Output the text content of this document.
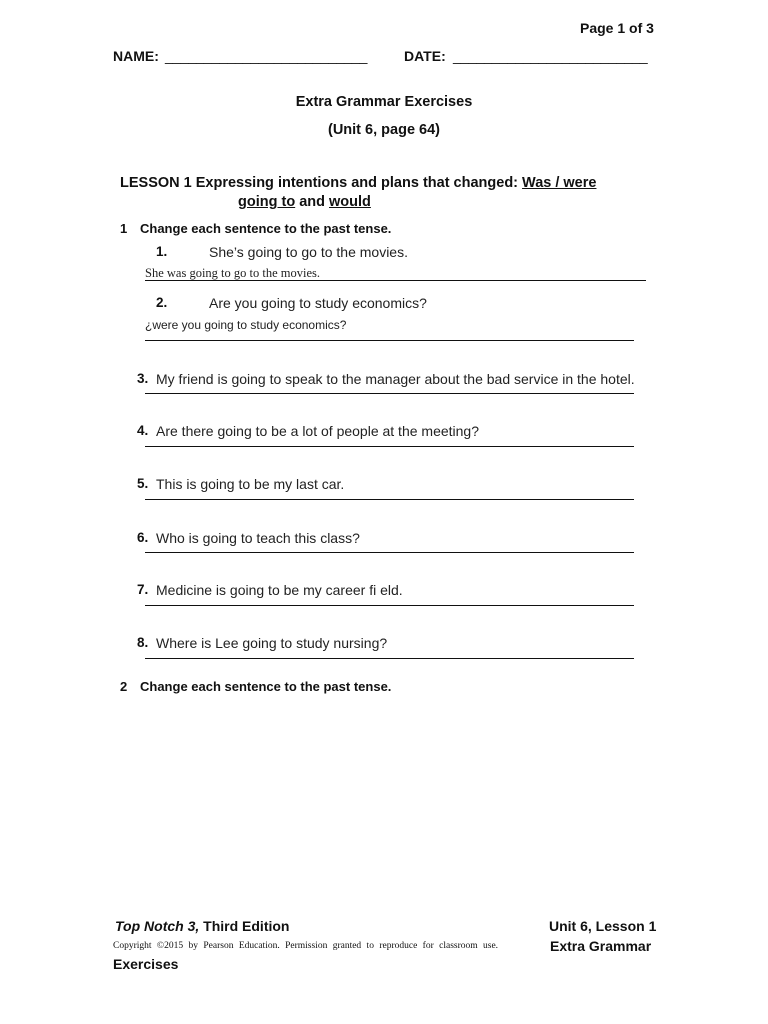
Page 1 of 3
NAME: __________________________	DATE: _________________________
Extra Grammar Exercises
(Unit 6, page 64)
LESSON 1 Expressing intentions and plans that changed: Was / were
going to and would
1 Change each sentence to the past tense.
1.	She’s going to go to the movies.
She was going to go to the movies.
2.	Are you going to study economics?
¿were you going to study economics?
3. My friend is going to speak to the manager about the bad service in the hotel.
4. Are there going to be a lot of people at the meeting?
5. This is going to be my last car.
6. Who is going to teach this class?
7. Medicine is going to be my career fi eld.
8. Where is Lee going to study nursing?
2 Change each sentence to the past tense.
Top Notch 3, Third Edition	Unit 6, Lesson 1
Copyright ©2015 by Pearson Education. Permission granted to reproduce for classroom use.	Extra Grammar
Exercises
